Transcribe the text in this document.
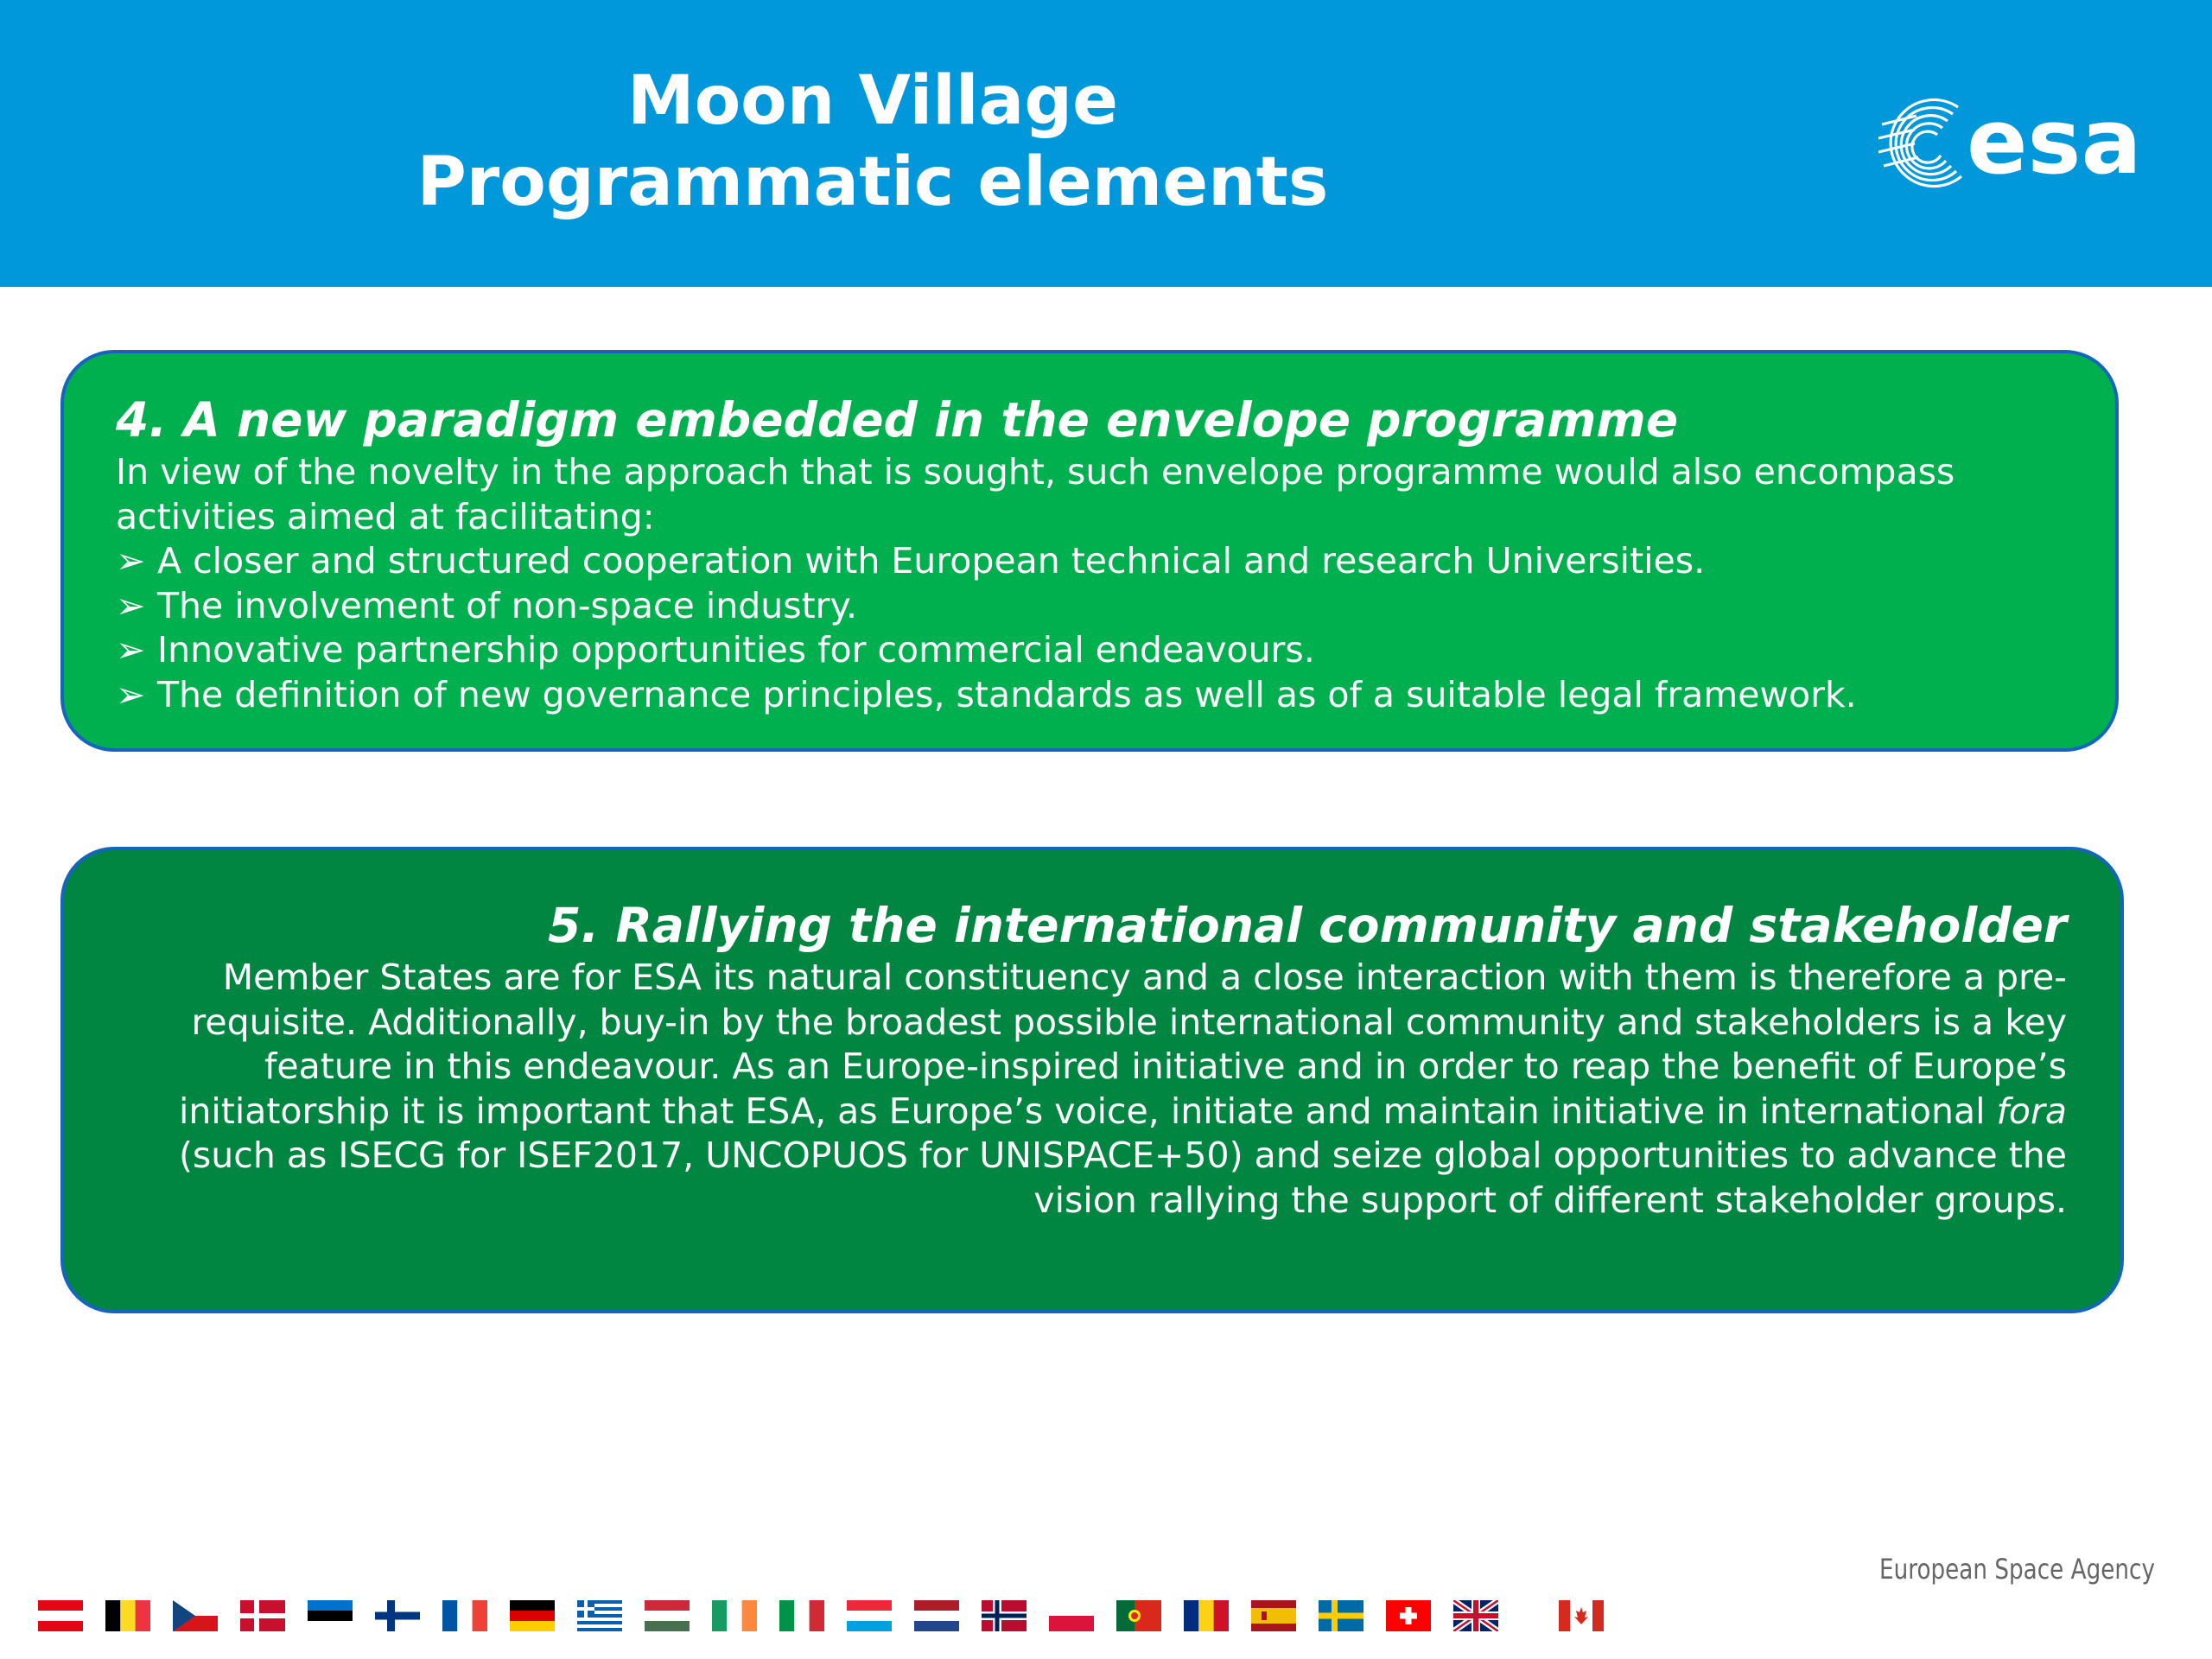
Moon Village
Programmatic elements	esa
4. A new paradigm embedded in the envelope programme
In view of the novelty in the approach that is sought, such envelope programme would also encompass activities aimed at facilitating:
➢ A closer and structured cooperation with European technical and research Universities.
➢ The involvement of non-space industry.
➢ Innovative partnership opportunities for commercial endeavours.
➢ The definition of new governance principles, standards as well as of a suitable legal framework.
5. Rallying the international community and stakeholder
Member States are for ESA its natural constituency and a close interaction with them is therefore a pre-requisite. Additionally, buy-in by the broadest possible international community and stakeholders is a key feature in this endeavour. As an Europe-inspired initiative and in order to reap the benefit of Europe’s initiatorship it is important that ESA, as Europe’s voice, initiate and maintain initiative in international fora (such as ISECG for ISEF2017, UNCOPUOS for UNISPACE+50) and seize global opportunities to advance the vision rallying the support of different stakeholder groups.
European Space Agency
